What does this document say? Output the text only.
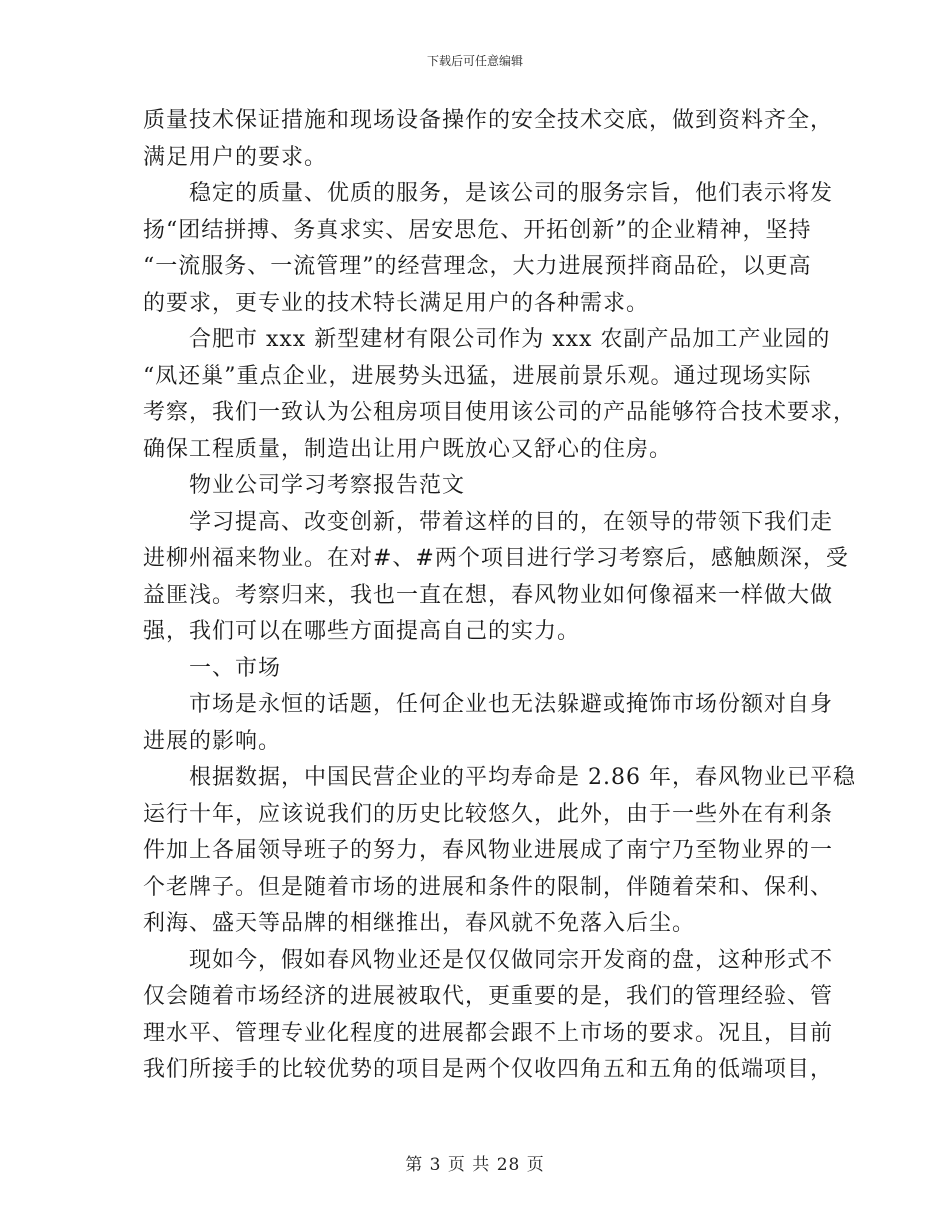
下载后可任意编辑
质量技术保证措施和现场设备操作的安全技术交底，做到资料齐全，
满足用户的要求。
稳定的质量、优质的服务，是该公司的服务宗旨，他们表示将发
扬“团结拼搏、务真求实、居安思危、开拓创新”的企业精神，坚持
“一流服务、一流管理”的经营理念，大力进展预拌商品砼，以更高
的要求，更专业的技术特长满足用户的各种需求。
合肥市 xxx 新型建材有限公司作为 xxx 农副产品加工产业园的
“凤还巢”重点企业，进展势头迅猛，进展前景乐观。通过现场实际
考察，我们一致认为公租房项目使用该公司的产品能够符合技术要求，
确保工程质量，制造出让用户既放心又舒心的住房。
物业公司学习考察报告范文
学习提高、改变创新，带着这样的目的，在领导的带领下我们走
进柳州福来物业。在对#、#两个项目进行学习考察后，感触颇深，受
益匪浅。考察归来，我也一直在想，春风物业如何像福来一样做大做
强，我们可以在哪些方面提高自己的实力。
一、市场
市场是永恒的话题，任何企业也无法躲避或掩饰市场份额对自身
进展的影响。
根据数据，中国民营企业的平均寿命是 2.86 年，春风物业已平稳
运行十年，应该说我们的历史比较悠久，此外，由于一些外在有利条
件加上各届领导班子的努力，春风物业进展成了南宁乃至物业界的一
个老牌子。但是随着市场的进展和条件的限制，伴随着荣和、保利、
利海、盛天等品牌的相继推出，春风就不免落入后尘。
现如今，假如春风物业还是仅仅做同宗开发商的盘，这种形式不
仅会随着市场经济的进展被取代，更重要的是，我们的管理经验、管
理水平、管理专业化程度的进展都会跟不上市场的要求。况且，目前
我们所接手的比较优势的项目是两个仅收四角五和五角的低端项目，
第 3 页 共 28 页
